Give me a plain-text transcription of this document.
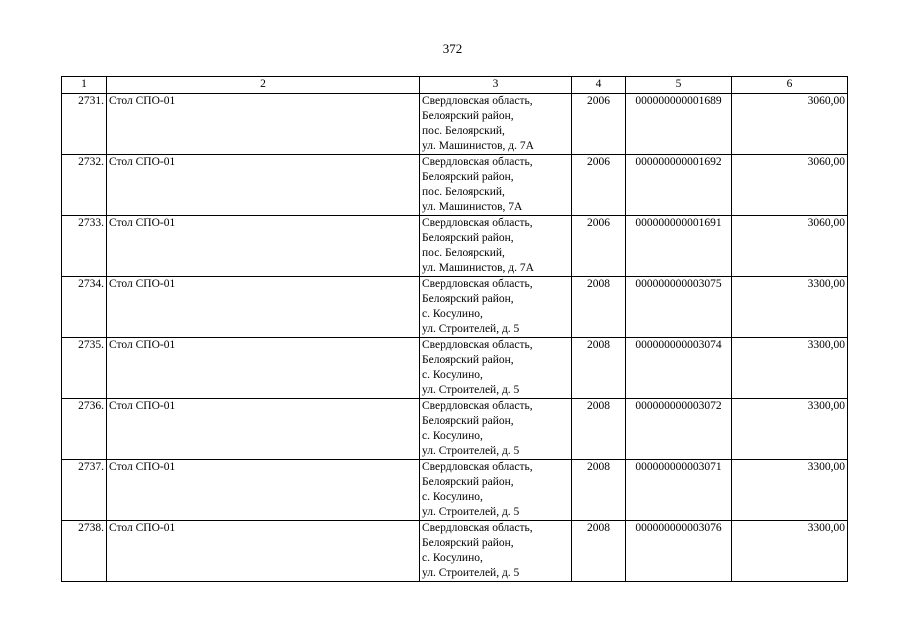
372
1	2	3	4	5	6
2731.	Стол СПО-01	Свердловская область,
Белоярский район,
пос. Белоярский,
ул. Машинистов, д. 7А	2006	000000000001689	3060,00
2732.	Стол СПО-01	Свердловская область,
Белоярский район,
пос. Белоярский,
ул. Машинистов, 7А	2006	000000000001692	3060,00
2733.	Стол СПО-01	Свердловская область,
Белоярский район,
пос. Белоярский,
ул. Машинистов, д. 7А	2006	000000000001691	3060,00
2734.	Стол СПО-01	Свердловская область,
Белоярский район,
с. Косулино,
ул. Строителей, д. 5	2008	000000000003075	3300,00
2735.	Стол СПО-01	Свердловская область,
Белоярский район,
с. Косулино,
ул. Строителей, д. 5	2008	000000000003074	3300,00
2736.	Стол СПО-01	Свердловская область,
Белоярский район,
с. Косулино,
ул. Строителей, д. 5	2008	000000000003072	3300,00
2737.	Стол СПО-01	Свердловская область,
Белоярский район,
с. Косулино,
ул. Строителей, д. 5	2008	000000000003071	3300,00
2738.	Стол СПО-01	Свердловская область,
Белоярский район,
с. Косулино,
ул. Строителей, д. 5	2008	000000000003076	3300,00
